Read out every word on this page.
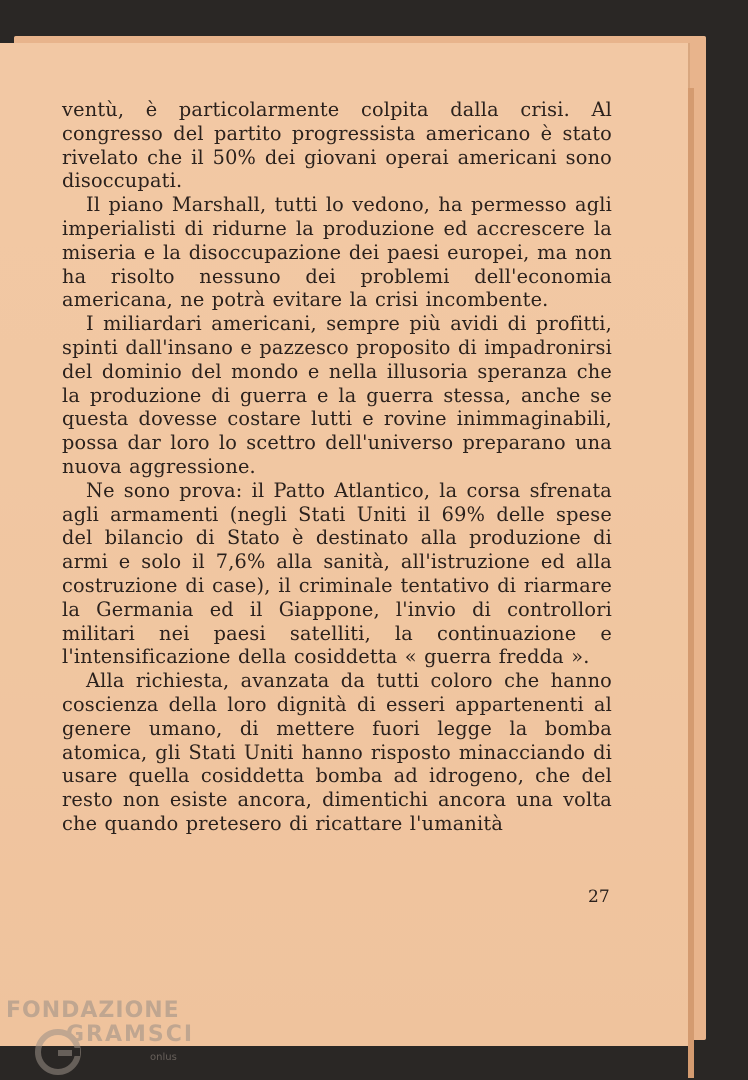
ventù, è particolarmente colpita dalla crisi. Al congresso del partito progressista americano è stato rivelato che il 50% dei giovani operai americani sono disoccupati.

Il piano Marshall, tutti lo vedono, ha permesso agli imperialisti di ridurne la produzione ed accrescere la miseria e la disoccupazione dei paesi europei, ma non ha risolto nessuno dei problemi dell'economia americana, ne potrà evitare la crisi incombente.

I miliardari americani, sempre più avidi di profitti, spinti dall'insano e pazzesco proposito di impadronirsi del dominio del mondo e nella illusoria speranza che la produzione di guerra e la guerra stessa, anche se questa dovesse costare lutti e rovine inimmaginabili, possa dar loro lo scettro dell'universo preparano una nuova aggressione.

Ne sono prova: il Patto Atlantico, la corsa sfrenata agli armamenti (negli Stati Uniti il 69% delle spese del bilancio di Stato è destinato alla produzione di armi e solo il 7,6% alla sanità, all'istruzione ed alla costruzione di case), il criminale tentativo di riarmare la Germania ed il Giappone, l'invio di controllori militari nei paesi satelliti, la continuazione e l'intensificazione della cosiddetta « guerra fredda ».

Alla richiesta, avanzata da tutti coloro che hanno coscienza della loro dignità di esseri appartenenti al genere umano, di mettere fuori legge la bomba atomica, gli Stati Uniti hanno risposto minacciando di usare quella cosiddetta bomba ad idrogeno, che del resto non esiste ancora, dimentichi ancora una volta che quando pretesero di ricattare l'umanità

27
FONDAZIONE
GRAMSCI
onlus
